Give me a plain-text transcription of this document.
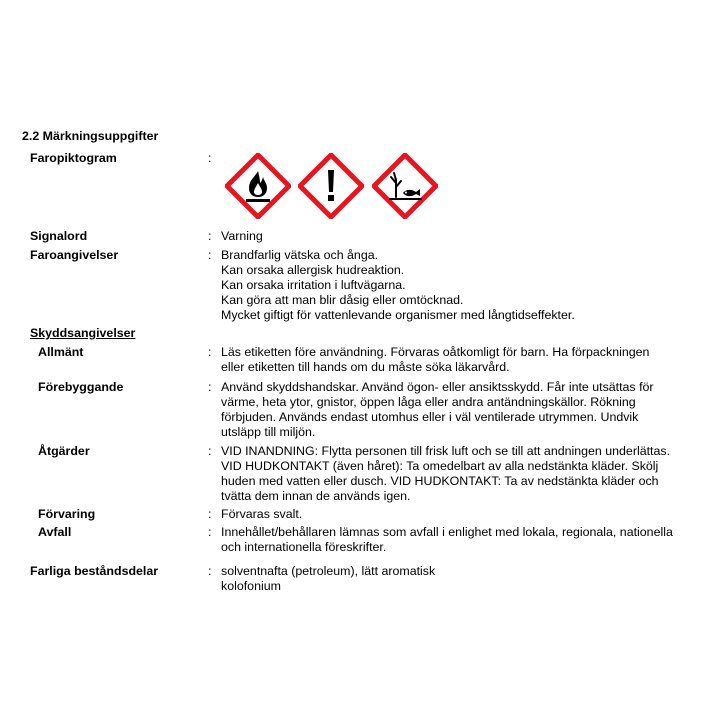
2.2 Märkningsuppgifter
Faropiktogram	:
Signalord	: Varning
Faroangivelser	: Brandfarlig vätska och ånga.
Kan orsaka allergisk hudreaktion.
Kan orsaka irritation i luftvägarna.
Kan göra att man blir dåsig eller omtöcknad.
Mycket giftigt för vattenlevande organismer med långtidseffekter.
Skyddsangivelser
Allmänt	: Läs etiketten före användning. Förvaras oåtkomligt för barn. Ha förpackningen
eller etiketten till hands om du måste söka läkarvård.
Förebyggande	: Använd skyddshandskar. Använd ögon- eller ansiktsskydd. Får inte utsättas för
värme, heta ytor, gnistor, öppen låga eller andra antändningskällor. Rökning
förbjuden. Används endast utomhus eller i väl ventilerade utrymmen. Undvik
utsläpp till miljön.
Åtgärder	: VID INANDNING: Flytta personen till frisk luft och se till att andningen underlättas.
VID HUDKONTAKT (även håret): Ta omedelbart av alla nedstänkta kläder. Skölj
huden med vatten eller dusch. VID HUDKONTAKT: Ta av nedstänkta kläder och
tvätta dem innan de används igen.
Förvaring	: Förvaras svalt.
Avfall	: Innehållet/behållaren lämnas som avfall i enlighet med lokala, regionala, nationella
och internationella föreskrifter.
Farliga beståndsdelar	: solventnafta (petroleum), lätt aromatisk
kolofonium
